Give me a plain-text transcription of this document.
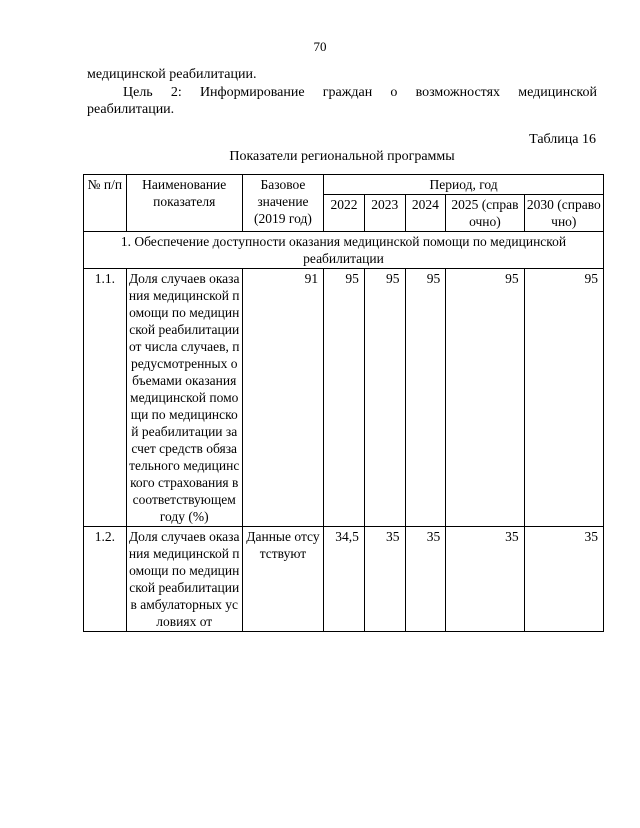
70
медицинской реабилитации.
Цель 2: Информирование граждан о возможностях медицинской
реабилитации.
Таблица 16
Показатели региональной программы
№ п/п	Наименование показателя	Базовое значение (2019 год)	Период, год				
			2022	2023	2024	2025 (справочно)	2030 (справочно)
1. Обеспечение доступности оказания медицинской помощи по медицинской реабилитации							
1.1.	Доля случаев оказания медицинской помощи по медицинской реабилитации от числа случаев, предусмотренных объемами оказания медицинской помощи по медицинской реабилитации за счет средств обязательного медицинского страхования в соответствующем году (%)	91	95	95	95	95	95
1.2.	Доля случаев оказания медицинской помощи по медицинской реабилитации в амбулаторных условиях от	Данные отсутствуют	34,5	35	35	35	35
